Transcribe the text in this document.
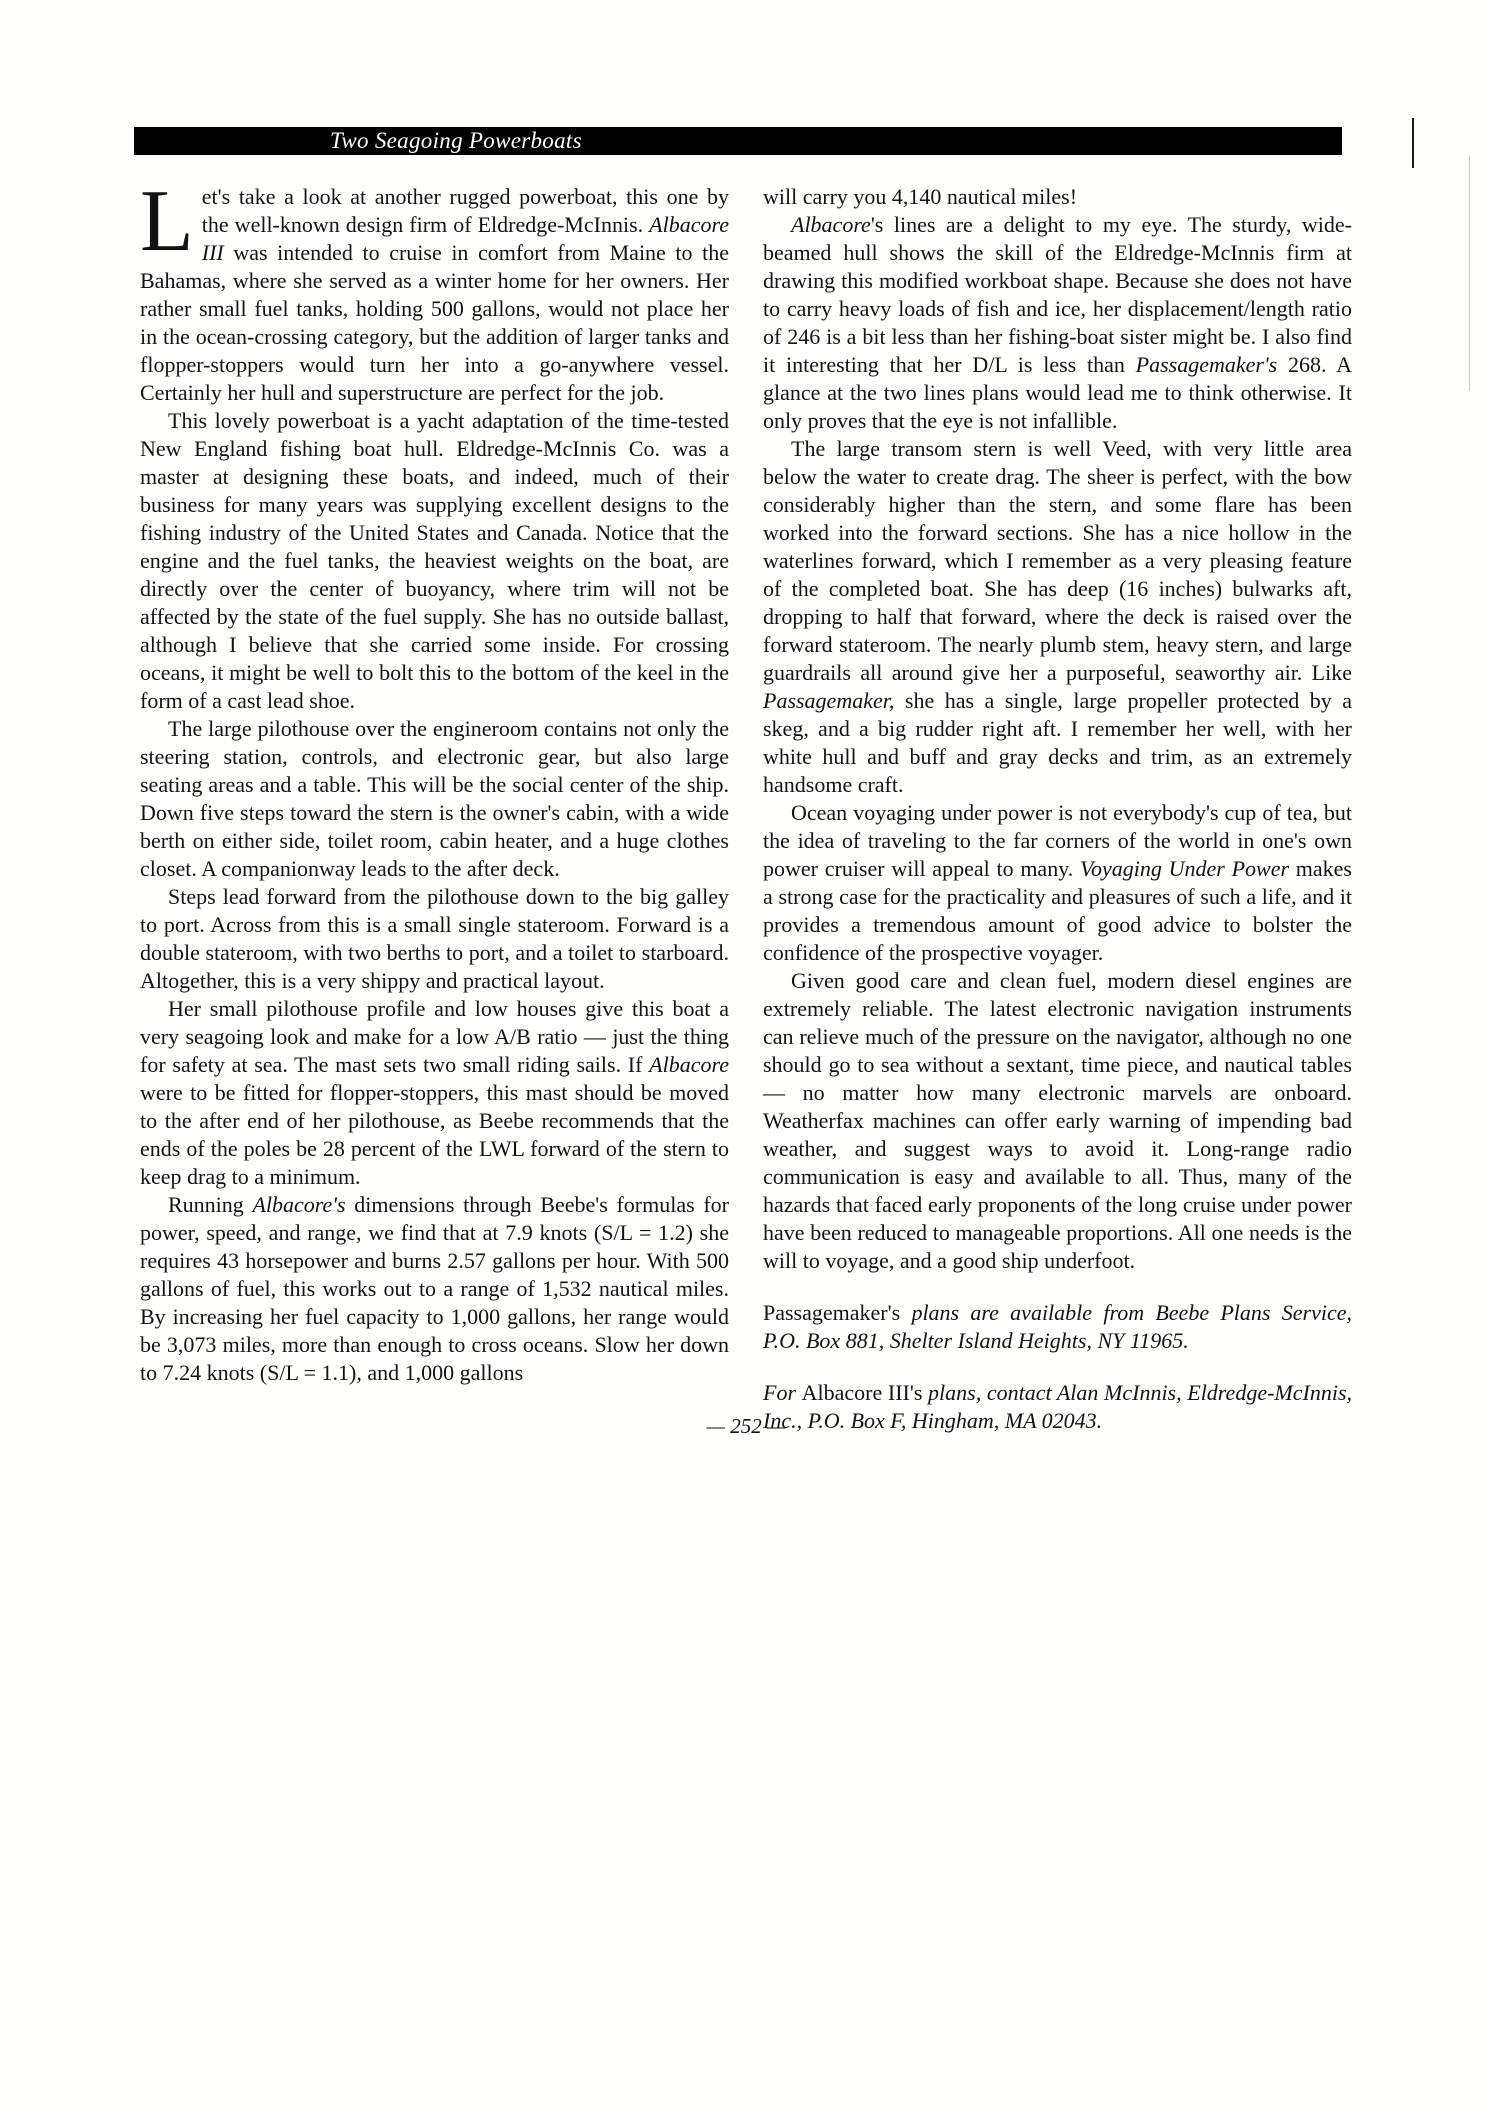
Two Seagoing Powerboats

Let's take a look at another rugged powerboat, this one by the well-known design firm of Eldredge-McInnis. Albacore III was intended to cruise in comfort from Maine to the Bahamas, where she served as a winter home for her owners. Her rather small fuel tanks, holding 500 gallons, would not place her in the ocean-crossing category, but the addition of larger tanks and flopper-stoppers would turn her into a go-anywhere vessel. Certainly her hull and superstructure are perfect for the job.

This lovely powerboat is a yacht adaptation of the time-tested New England fishing boat hull. Eldredge-McInnis Co. was a master at designing these boats, and indeed, much of their business for many years was supplying excellent designs to the fishing industry of the United States and Canada. Notice that the engine and the fuel tanks, the heaviest weights on the boat, are directly over the center of buoyancy, where trim will not be affected by the state of the fuel supply. She has no outside ballast, although I believe that she carried some inside. For crossing oceans, it might be well to bolt this to the bottom of the keel in the form of a cast lead shoe.

The large pilothouse over the engineroom contains not only the steering station, controls, and electronic gear, but also large seating areas and a table. This will be the social center of the ship. Down five steps toward the stern is the owner's cabin, with a wide berth on either side, toilet room, cabin heater, and a huge clothes closet. A companionway leads to the after deck.

Steps lead forward from the pilothouse down to the big galley to port. Across from this is a small single stateroom. Forward is a double stateroom, with two berths to port, and a toilet to starboard. Altogether, this is a very shippy and practical layout.

Her small pilothouse profile and low houses give this boat a very seagoing look and make for a low A/B ratio — just the thing for safety at sea. The mast sets two small riding sails. If Albacore were to be fitted for flopper-stoppers, this mast should be moved to the after end of her pilothouse, as Beebe recommends that the ends of the poles be 28 percent of the LWL forward of the stern to keep drag to a minimum.

Running Albacore's dimensions through Beebe's formulas for power, speed, and range, we find that at 7.9 knots (S/L = 1.2) she requires 43 horsepower and burns 2.57 gallons per hour. With 500 gallons of fuel, this works out to a range of 1,532 nautical miles. By increasing her fuel capacity to 1,000 gallons, her range would be 3,073 miles, more than enough to cross oceans. Slow her down to 7.24 knots (S/L = 1.1), and 1,000 gallons

will carry you 4,140 nautical miles!

Albacore's lines are a delight to my eye. The sturdy, wide-beamed hull shows the skill of the Eldredge-McInnis firm at drawing this modified workboat shape. Because she does not have to carry heavy loads of fish and ice, her displacement/length ratio of 246 is a bit less than her fishing-boat sister might be. I also find it interesting that her D/L is less than Passagemaker's 268. A glance at the two lines plans would lead me to think otherwise. It only proves that the eye is not infallible.

The large transom stern is well Veed, with very little area below the water to create drag. The sheer is perfect, with the bow considerably higher than the stern, and some flare has been worked into the forward sections. She has a nice hollow in the waterlines forward, which I remember as a very pleasing feature of the completed boat. She has deep (16 inches) bulwarks aft, dropping to half that forward, where the deck is raised over the forward stateroom. The nearly plumb stem, heavy stern, and large guardrails all around give her a purposeful, seaworthy air. Like Passagemaker, she has a single, large propeller protected by a skeg, and a big rudder right aft. I remember her well, with her white hull and buff and gray decks and trim, as an extremely handsome craft.

Ocean voyaging under power is not everybody's cup of tea, but the idea of traveling to the far corners of the world in one's own power cruiser will appeal to many. Voyaging Under Power makes a strong case for the practicality and pleasures of such a life, and it provides a tremendous amount of good advice to bolster the confidence of the prospective voyager.

Given good care and clean fuel, modern diesel engines are extremely reliable. The latest electronic navigation instruments can relieve much of the pressure on the navigator, although no one should go to sea without a sextant, time piece, and nautical tables — no matter how many electronic marvels are onboard. Weatherfax machines can offer early warning of impending bad weather, and suggest ways to avoid it. Long-range radio communication is easy and available to all. Thus, many of the hazards that faced early proponents of the long cruise under power have been reduced to manageable proportions. All one needs is the will to voyage, and a good ship underfoot.

Passagemaker's plans are available from Beebe Plans Service, P.O. Box 881, Shelter Island Heights, NY 11965.

For Albacore III's plans, contact Alan McInnis, Eldredge-McInnis, Inc., P.O. Box F, Hingham, MA 02043.

— 252 —
